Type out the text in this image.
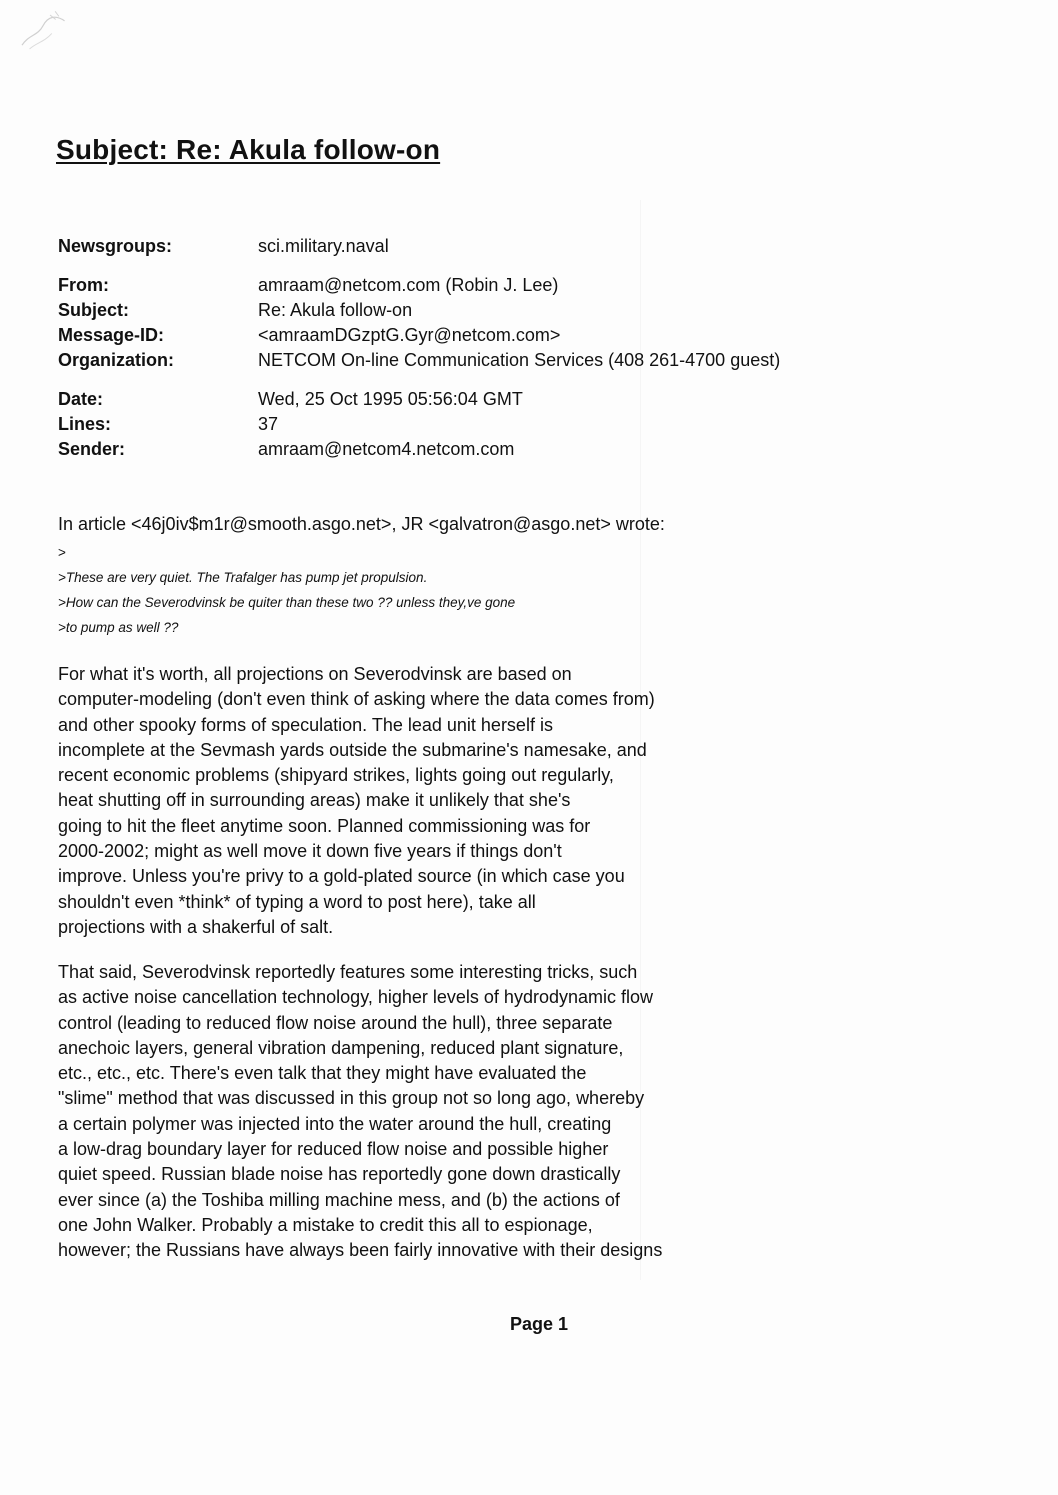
Subject: Re: Akula follow-on
Newsgroups:	sci.military.naval
From:	amraam@netcom.com (Robin J. Lee)
Subject:	Re: Akula follow-on
Message-ID:	<amraamDGzptG.Gyr@netcom.com>
Organization:	NETCOM On-line Communication Services (408 261-4700 guest)
Date:	Wed, 25 Oct 1995 05:56:04 GMT
Lines:	37
Sender:	amraam@netcom4.netcom.com
In article <46j0iv$m1r@smooth.asgo.net>, JR <galvatron@asgo.net> wrote:
>
>These are very quiet. The Trafalger has pump jet propulsion.
>How can the Severodvinsk be quiter than these two ?? unless they,ve gone
>to pump as well ??
For what it's worth, all projections on Severodvinsk are based on
computer-modeling (don't even think of asking where the data comes from)
and other spooky forms of speculation. The lead unit herself is
incomplete at the Sevmash yards outside the submarine's namesake, and
recent economic problems (shipyard strikes, lights going out regularly,
heat shutting off in surrounding areas) make it unlikely that she's
going to hit the fleet anytime soon. Planned commissioning was for
2000-2002; might as well move it down five years if things don't
improve. Unless you're privy to a gold-plated source (in which case you
shouldn't even *think* of typing a word to post here), take all
projections with a shakerful of salt.
That said, Severodvinsk reportedly features some interesting tricks, such
as active noise cancellation technology, higher levels of hydrodynamic flow
control (leading to reduced flow noise around the hull), three separate
anechoic layers, general vibration dampening, reduced plant signature,
etc., etc., etc. There's even talk that they might have evaluated the
"slime" method that was discussed in this group not so long ago, whereby
a certain polymer was injected into the water around the hull, creating
a low-drag boundary layer for reduced flow noise and possible higher
quiet speed. Russian blade noise has reportedly gone down drastically
ever since (a) the Toshiba milling machine mess, and (b) the actions of
one John Walker. Probably a mistake to credit this all to espionage,
however; the Russians have always been fairly innovative with their designs
Page 1
